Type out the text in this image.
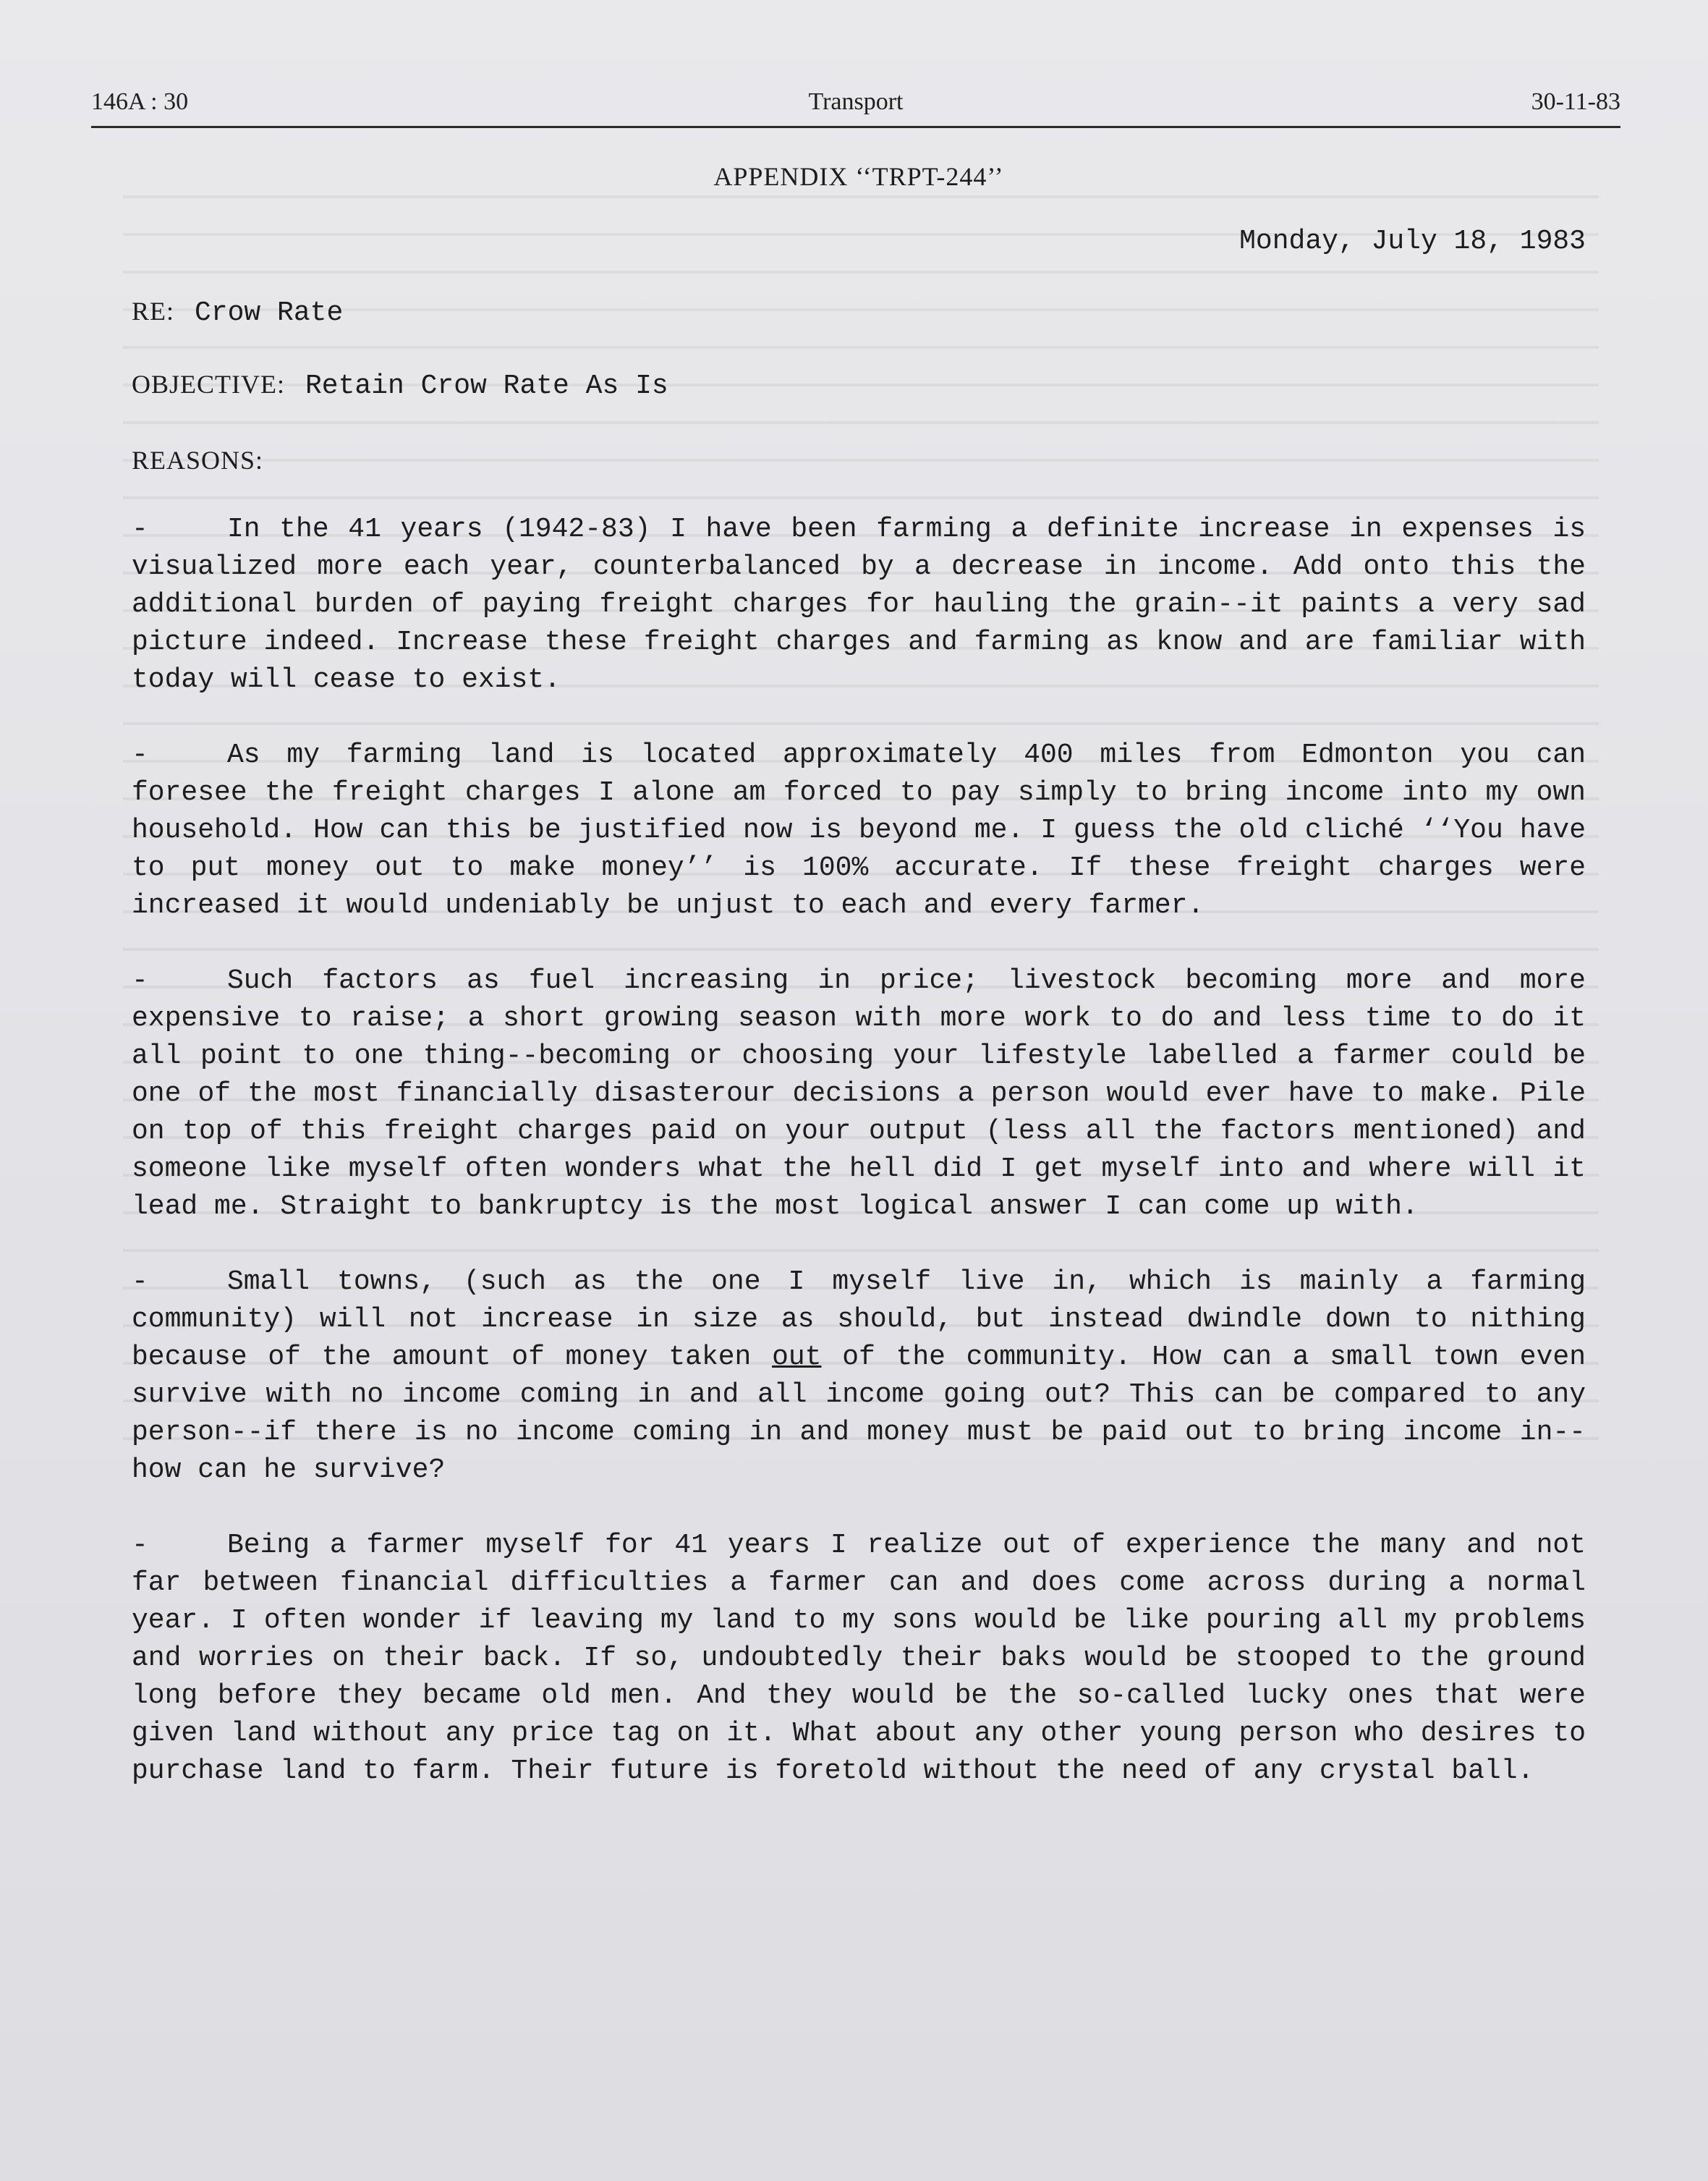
146A : 30	Transport	30-11-83
APPENDIX ‘‘TRPT-244’’
Monday, July 18, 1983
RE: Crow Rate
OBJECTIVE: Retain Crow Rate As Is
REASONS:
-	In the 41 years (1942-83) I have been farming a definite increase in expenses is visualized more each year, counterbalanced by a decrease in income. Add onto this the additional burden of paying freight charges for hauling the grain--it paints a very sad picture indeed. Increase these freight charges and farming as know and are familiar with today will cease to exist.
-	As my farming land is located approximately 400 miles from Edmonton you can foresee the freight charges I alone am forced to pay simply to bring income into my own household. How can this be justified now is beyond me. I guess the old cliché ‘‘You have to put money out to make money’’ is 100% accurate. If these freight charges were increased it would undeniably be unjust to each and every farmer.
-	Such factors as fuel increasing in price; livestock becoming more and more expensive to raise; a short growing season with more work to do and less time to do it all point to one thing--becoming or choosing your lifestyle labelled a farmer could be one of the most financially disasterour decisions a person would ever have to make. Pile on top of this freight charges paid on your output (less all the factors mentioned) and someone like myself often wonders what the hell did I get myself into and where will it lead me. Straight to bankruptcy is the most logical answer I can come up with.
-	Small towns, (such as the one I myself live in, which is mainly a farming community) will not increase in size as should, but instead dwindle down to nithing because of the amount of money taken out of the community. How can a small town even survive with no income coming in and all income going out? This can be compared to any person--if there is no income coming in and money must be paid out to bring income in--how can he survive?
-	Being a farmer myself for 41 years I realize out of experience the many and not far between financial difficulties a farmer can and does come across during a normal year. I often wonder if leaving my land to my sons would be like pouring all my problems and worries on their back. If so, undoubtedly their baks would be stooped to the ground long before they became old men. And they would be the so-called lucky ones that were given land without any price tag on it. What about any other young person who desires to purchase land to farm. Their future is foretold without the need of any crystal ball.
